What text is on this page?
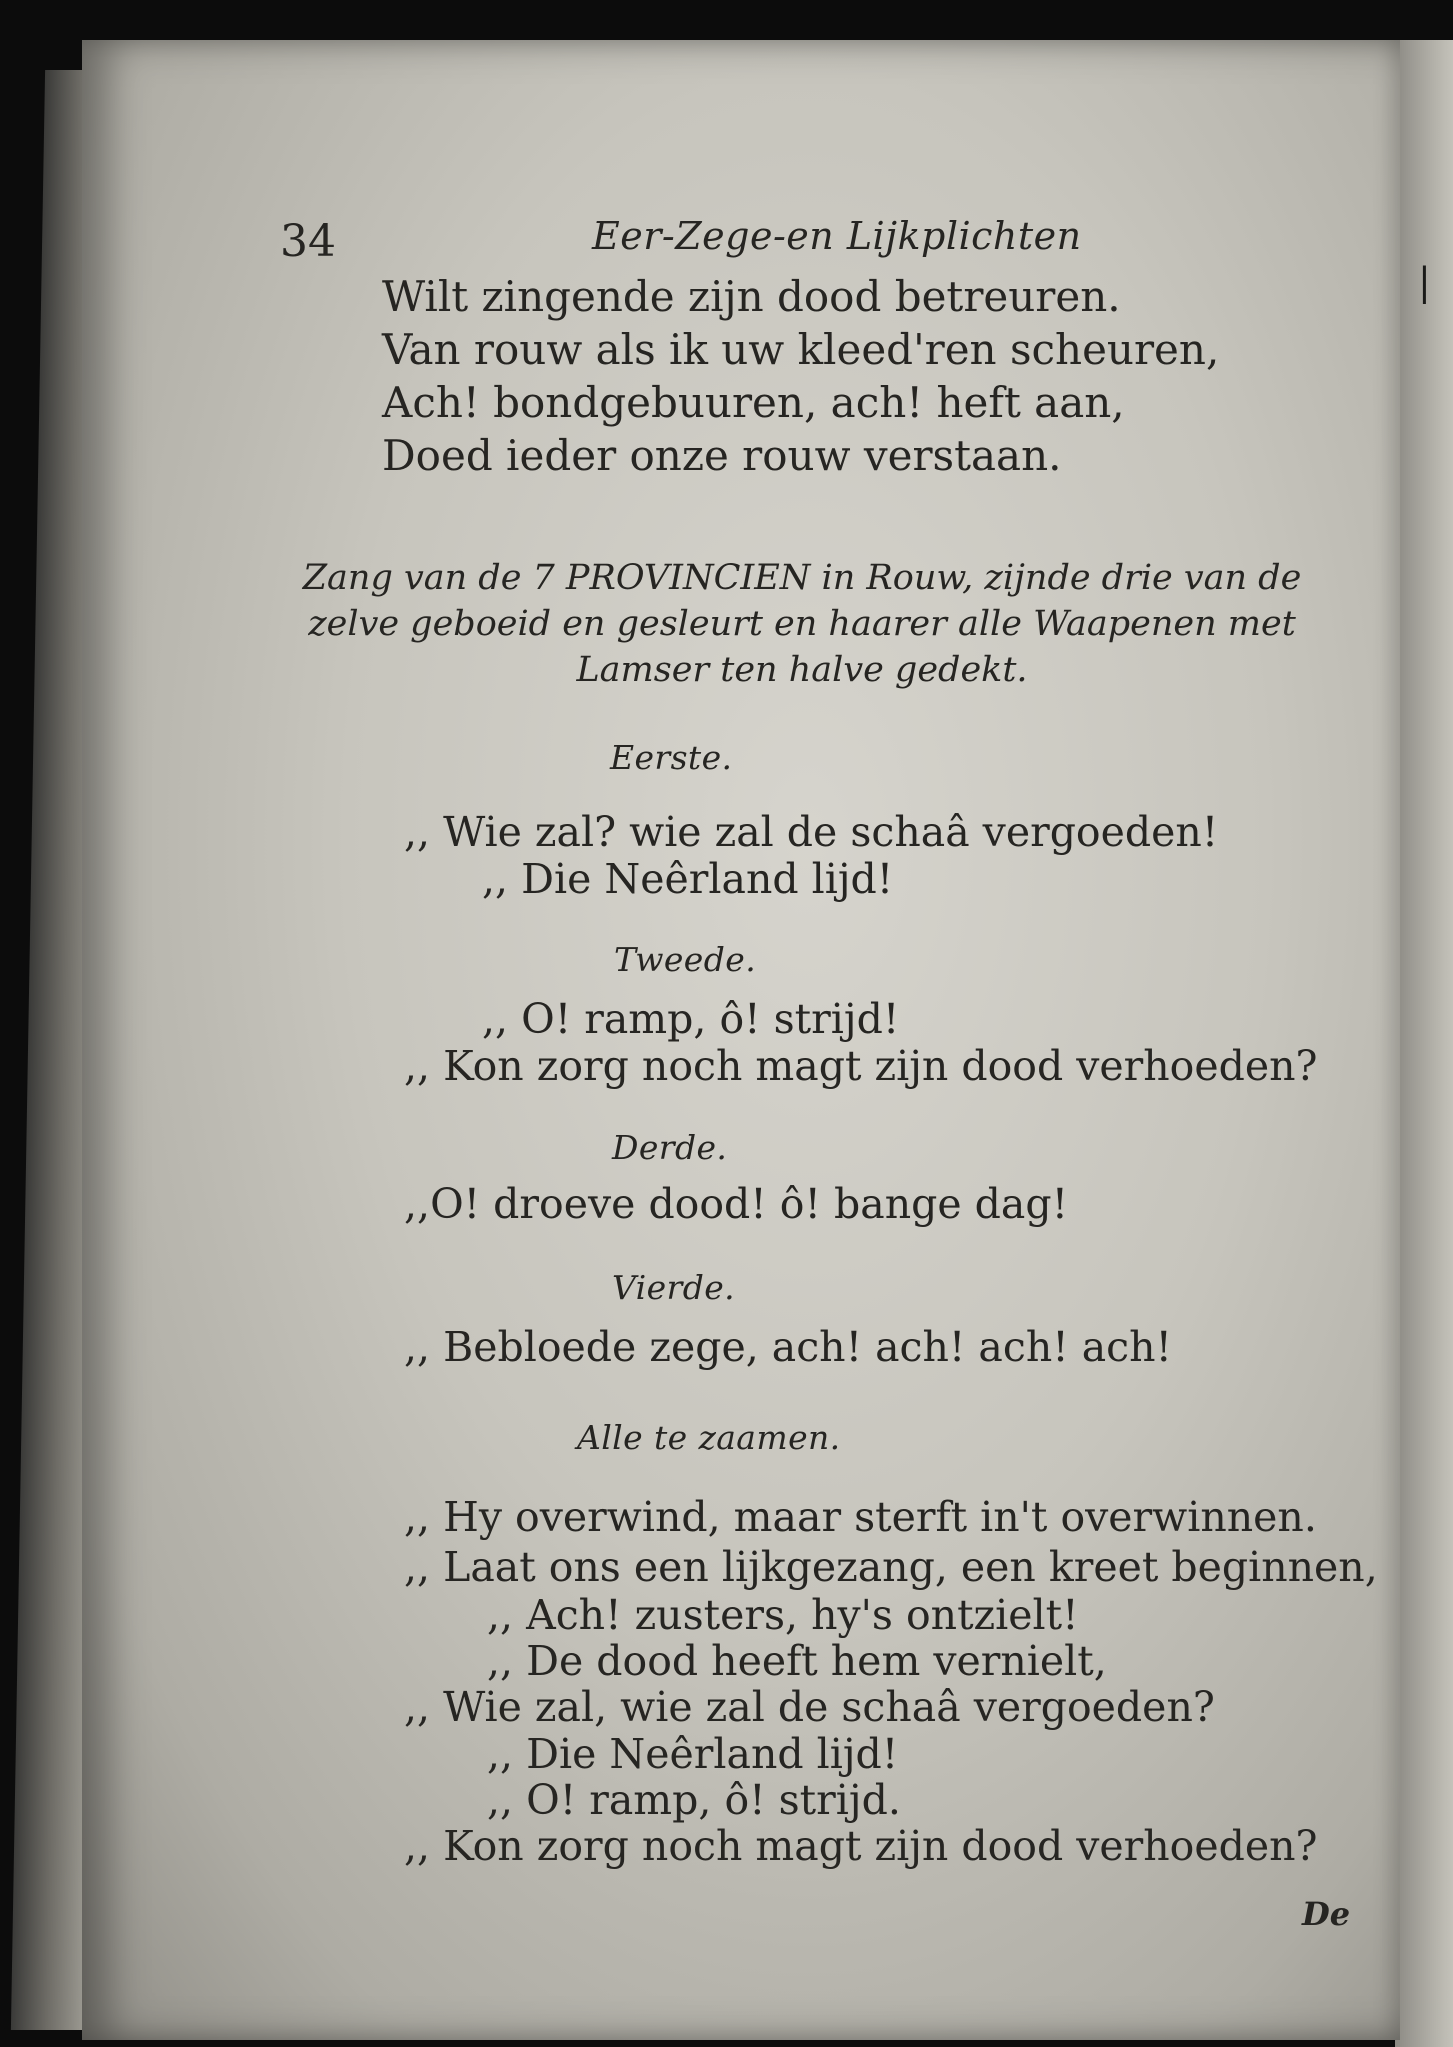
|
34	Eer-Zege-en Lijkplichten
Wilt zingende zijn dood betreuren.
Van rouw als ik uw kleed'ren scheuren,
Ach! bondgebuuren, ach! heft aan,
Doed ieder onze rouw verstaan.
Zang van de 7 PROVINCIEN in Rouw, zijnde drie van de zelve geboeid en gesleurt en haarer alle Waapenen met Lamser ten halve gedekt.
Eerste.
,, Wie zal? wie zal de schaâ vergoeden!
,, Die Neêrland lijd!
Tweede.
,, O! ramp, ô! strijd!
,, Kon zorg noch magt zijn dood verhoeden?
Derde.
,,O! droeve dood! ô! bange dag!
Vierde.
,, Bebloede zege, ach! ach! ach! ach!
Alle te zaamen.
,, Hy overwind, maar sterft in't overwinnen.
,, Laat ons een lijkgezang, een kreet beginnen,
,, Ach! zusters, hy's ontzielt!
,, De dood heeft hem vernielt,
,, Wie zal, wie zal de schaâ vergoeden?
,, Die Neêrland lijd!
,, O! ramp, ô! strijd.
,, Kon zorg noch magt zijn dood verhoeden?
De
